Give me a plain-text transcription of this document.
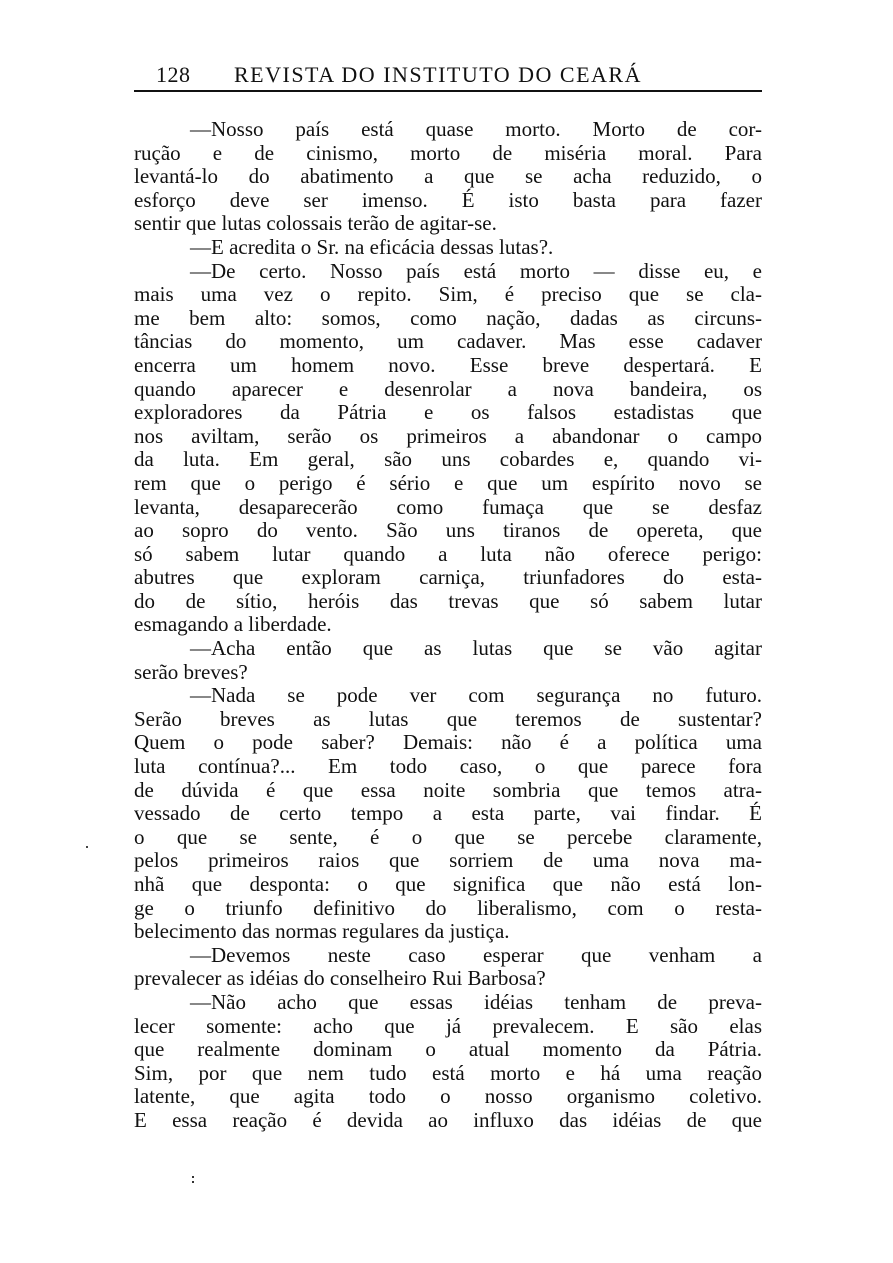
128 REVISTA DO INSTITUTO DO CEARÁ
—Nosso país está quase morto. Morto de cor-
rução e de cinismo, morto de miséria moral. Para
levantá-lo do abatimento a que se acha reduzido, o
esforço deve ser imenso. É isto basta para fazer
sentir que lutas colossais terão de agitar-se.
—E acredita o Sr. na eficácia dessas lutas?.
—De certo. Nosso país está morto — disse eu, e
mais uma vez o repito. Sim, é preciso que se cla-
me bem alto: somos, como nação, dadas as circuns-
tâncias do momento, um cadaver. Mas esse cadaver
encerra um homem novo. Esse breve despertará. E
quando aparecer e desenrolar a nova bandeira, os
exploradores da Pátria e os falsos estadistas que
nos aviltam, serão os primeiros a abandonar o campo
da luta. Em geral, são uns cobardes e, quando vi-
rem que o perigo é sério e que um espírito novo se
levanta, desaparecerão como fumaça que se desfaz
ao sopro do vento. São uns tiranos de opereta, que
só sabem lutar quando a luta não oferece perigo:
abutres que exploram carniça, triunfadores do esta-
do de sítio, heróis das trevas que só sabem lutar
esmagando a liberdade.
—Acha então que as lutas que se vão agitar
serão breves?
—Nada se pode ver com segurança no futuro.
Serão breves as lutas que teremos de sustentar?
Quem o pode saber? Demais: não é a política uma
luta contínua?... Em todo caso, o que parece fora
de dúvida é que essa noite sombria que temos atra-
vessado de certo tempo a esta parte, vai findar. É
o que se sente, é o que se percebe claramente,
pelos primeiros raios que sorriem de uma nova ma-
nhã que desponta: o que significa que não está lon-
ge o triunfo definitivo do liberalismo, com o resta-
belecimento das normas regulares da justiça.
—Devemos neste caso esperar que venham a
prevalecer as idéias do conselheiro Rui Barbosa?
—Não acho que essas idéias tenham de preva-
lecer somente: acho que já prevalecem. E são elas
que realmente dominam o atual momento da Pátria.
Sim, por que nem tudo está morto e há uma reação
latente, que agita todo o nosso organismo coletivo.
E essa reação é devida ao influxo das idéias de que
